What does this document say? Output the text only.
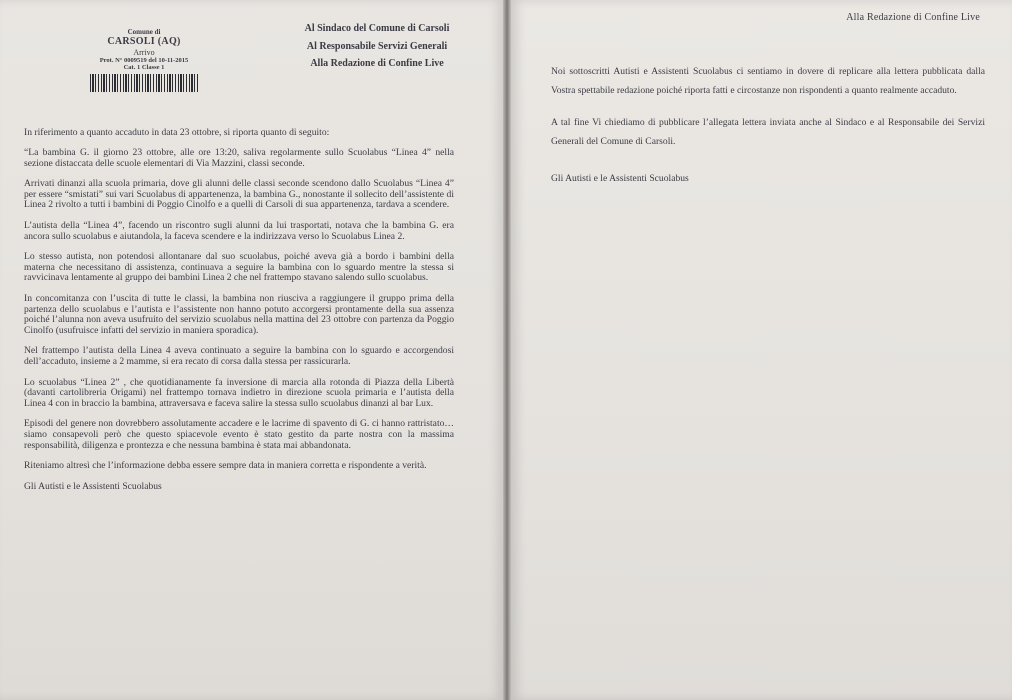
Comune di
CARSOLI (AQ)
Arrivo
Prot. N° 0009519 del 10-11-2015
Cat. 1 Classe 1
Al Sindaco del Comune di Carsoli
Al Responsabile Servizi Generali
Alla Redazione di Confine Live

In riferimento a quanto accaduto in data 23 ottobre, si riporta quanto di seguito:

“La bambina G. il giorno 23 ottobre, alle ore 13:20, saliva regolarmente sullo Scuolabus “Linea 4” nella sezione distaccata delle scuole elementari di Via Mazzini, classi seconde.

Arrivati dinanzi alla scuola primaria, dove gli alunni delle classi seconde scendono dallo Scuolabus “Linea 4” per essere “smistati” sui vari Scuolabus di appartenenza, la bambina G., nonostante il sollecito dell’assistente di Linea 2 rivolto a tutti i bambini di Poggio Cinolfo e a quelli di Carsoli di sua appartenenza, tardava a scendere.

L’autista della “Linea 4”, facendo un riscontro sugli alunni da lui trasportati, notava che la bambina G. era ancora sullo scuolabus e aiutandola, la faceva scendere e la indirizzava verso lo Scuolabus Linea 2.

Lo stesso autista, non potendosi allontanare dal suo scuolabus, poiché aveva già a bordo i bambini della materna che necessitano di assistenza, continuava a seguire la bambina con lo sguardo mentre la stessa si ravvicinava lentamente al gruppo dei bambini Linea 2 che nel frattempo stavano salendo sullo scuolabus.

In concomitanza con l’uscita di tutte le classi, la bambina non riusciva a raggiungere il gruppo prima della partenza dello scuolabus e l’autista e l’assistente non hanno potuto accorgersi prontamente della sua assenza poiché l’alunna non aveva usufruito del servizio scuolabus nella mattina del 23 ottobre con partenza da Poggio Cinolfo (usufruisce infatti del servizio in maniera sporadica).

Nel frattempo l’autista della Linea 4 aveva continuato a seguire la bambina con lo sguardo e accorgendosi dell’accaduto, insieme a 2 mamme, si era recato di corsa dalla stessa per rassicurarla.

Lo scuolabus “Linea 2” , che quotidianamente fa inversione di marcia alla rotonda di Piazza della Libertà (davanti cartolibreria Origami) nel frattempo tornava indietro in direzione scuola primaria e l’autista della Linea 4 con in braccio la bambina, attraversava e faceva salire la stessa sullo scuolabus dinanzi al bar Lux.

Episodi del genere non dovrebbero assolutamente accadere e le lacrime di spavento di G. ci hanno rattristato… siamo consapevoli però che questo spiacevole evento è stato gestito da parte nostra con la massima responsabilità, diligenza e prontezza e che nessuna bambina è stata mai abbandonata.

Riteniamo altresì che l’informazione debba essere sempre data in maniera corretta e rispondente a verità.

Gli Autisti e le Assistenti Scuolabus

Alla Redazione di Confine Live

Noi sottoscritti Autisti e Assistenti Scuolabus ci sentiamo in dovere di replicare alla lettera pubblicata dalla Vostra spettabile redazione poiché riporta fatti e circostanze non rispondenti a quanto realmente accaduto.

A tal fine Vi chiediamo di pubblicare l’allegata lettera inviata anche al Sindaco e al Responsabile dei Servizi Generali del Comune di Carsoli.

Gli Autisti e le Assistenti Scuolabus
